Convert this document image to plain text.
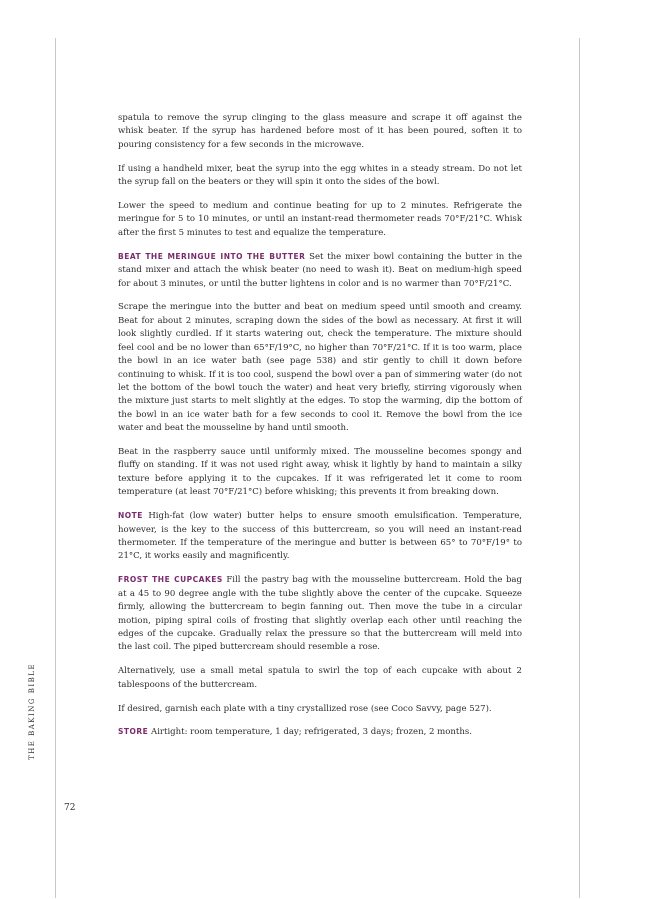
THE BAKING BIBLE
72

spatula to remove the syrup clinging to the glass measure and scrape it off against the whisk beater. If the syrup has hardened before most of it has been poured, soften it to pouring consistency for a few seconds in the microwave.

If using a handheld mixer, beat the syrup into the egg whites in a steady stream. Do not let the syrup fall on the beaters or they will spin it onto the sides of the bowl.

Lower the speed to medium and continue beating for up to 2 minutes. Refrigerate the meringue for 5 to 10 minutes, or until an instant-read thermometer reads 70°F/21°C. Whisk after the first 5 minutes to test and equalize the temperature.

BEAT THE MERINGUE INTO THE BUTTER Set the mixer bowl containing the butter in the stand mixer and attach the whisk beater (no need to wash it). Beat on medium-high speed for about 3 minutes, or until the butter lightens in color and is no warmer than 70°F/21°C.

Scrape the meringue into the butter and beat on medium speed until smooth and creamy. Beat for about 2 minutes, scraping down the sides of the bowl as necessary. At first it will look slightly curdled. If it starts watering out, check the temperature. The mixture should feel cool and be no lower than 65°F/19°C, no higher than 70°F/21°C. If it is too warm, place the bowl in an ice water bath (see page 538) and stir gently to chill it down before continuing to whisk. If it is too cool, suspend the bowl over a pan of simmering water (do not let the bottom of the bowl touch the water) and heat very briefly, stirring vigorously when the mixture just starts to melt slightly at the edges. To stop the warming, dip the bottom of the bowl in an ice water bath for a few seconds to cool it. Remove the bowl from the ice water and beat the mousseline by hand until smooth.

Beat in the raspberry sauce until uniformly mixed. The mousseline becomes spongy and fluffy on standing. If it was not used right away, whisk it lightly by hand to maintain a silky texture before applying it to the cupcakes. If it was refrigerated let it come to room temperature (at least 70°F/21°C) before whisking; this prevents it from breaking down.

NOTE High-fat (low water) butter helps to ensure smooth emulsification. Temperature, however, is the key to the success of this buttercream, so you will need an instant-read thermometer. If the temperature of the meringue and butter is between 65° to 70°F/19° to 21°C, it works easily and magnificently.

FROST THE CUPCAKES Fill the pastry bag with the mousseline buttercream. Hold the bag at a 45 to 90 degree angle with the tube slightly above the center of the cupcake. Squeeze firmly, allowing the buttercream to begin fanning out. Then move the tube in a circular motion, piping spiral coils of frosting that slightly overlap each other until reaching the edges of the cupcake. Gradually relax the pressure so that the buttercream will meld into the last coil. The piped buttercream should resemble a rose.

Alternatively, use a small metal spatula to swirl the top of each cupcake with about 2 tablespoons of the buttercream.

If desired, garnish each plate with a tiny crystallized rose (see Coco Savvy, page 527).

STORE Airtight: room temperature, 1 day; refrigerated, 3 days; frozen, 2 months.
